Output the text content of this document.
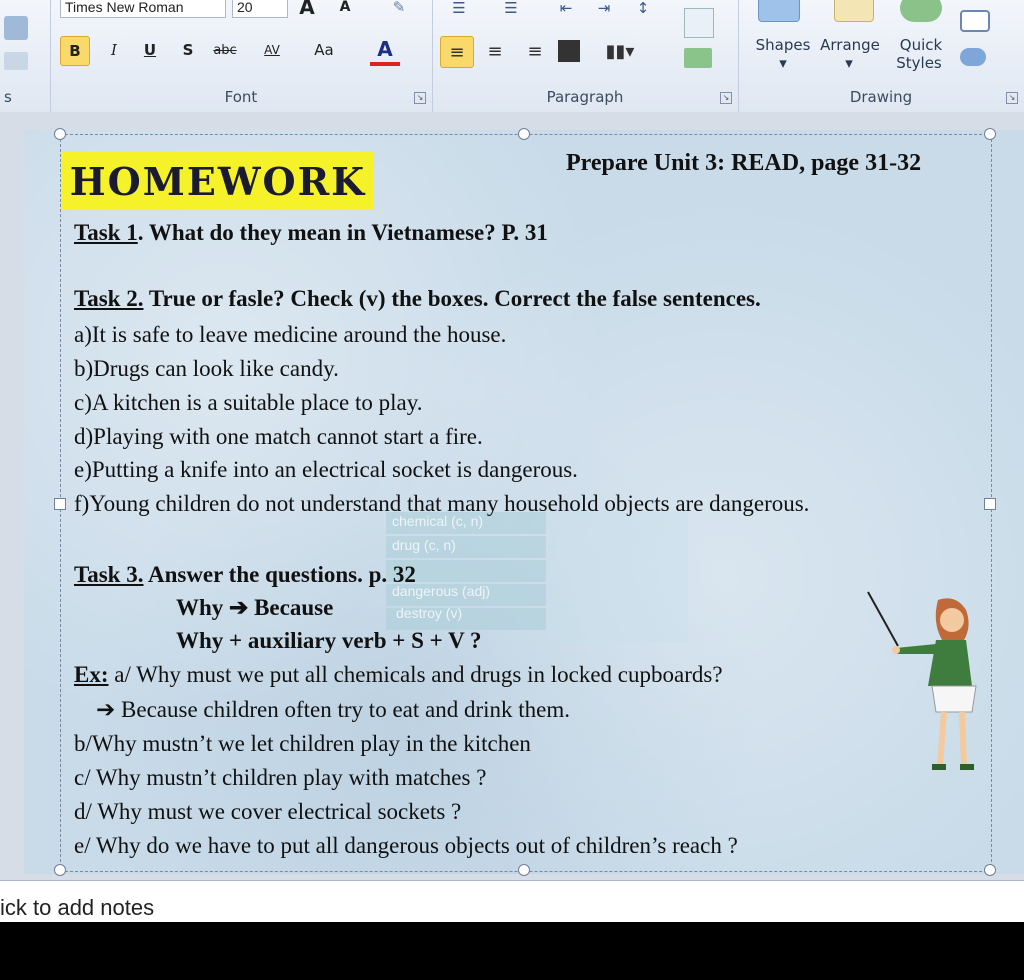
s
Times New Roman	20	A	A	✎
B	I	U	S	abc	AV	Aa	A
Font	↘
☰	☰	⇤	⇥	↕
≡	≡	≡	▮▮▾
Paragraph	↘
Shapes
▾
Arrange
▾
Quick
Styles
Drawing	↘
chemical (c, n)
drug (c, n)
dangerous (adj)
destroy (v)
HOMEWORK	Prepare Unit 3: READ, page 31-32
Task 1. What do they mean in Vietnamese? P. 31
Task 2. True or fasle? Check (v) the boxes. Correct the false sentences.
a)It is safe to leave medicine around the house.
b)Drugs can look like candy.
c)A kitchen is a suitable place to play.
d)Playing with one match cannot start a fire.
e)Putting a knife into an electrical socket is dangerous.
f)Young children do not understand that many household objects are dangerous.
Task 3. Answer the questions. p. 32
Why ➔ Because
Why + auxiliary verb + S + V ?
Ex: a/ Why must we put all chemicals and drugs in locked cupboards?
➔ Because children often try to eat and drink them.
b/Why mustn’t we let children play in the kitchen
c/ Why mustn’t children play with matches ?
d/ Why must we cover electrical sockets ?
e/ Why do we have to put all dangerous objects out of children’s reach ?
ick to add notes
